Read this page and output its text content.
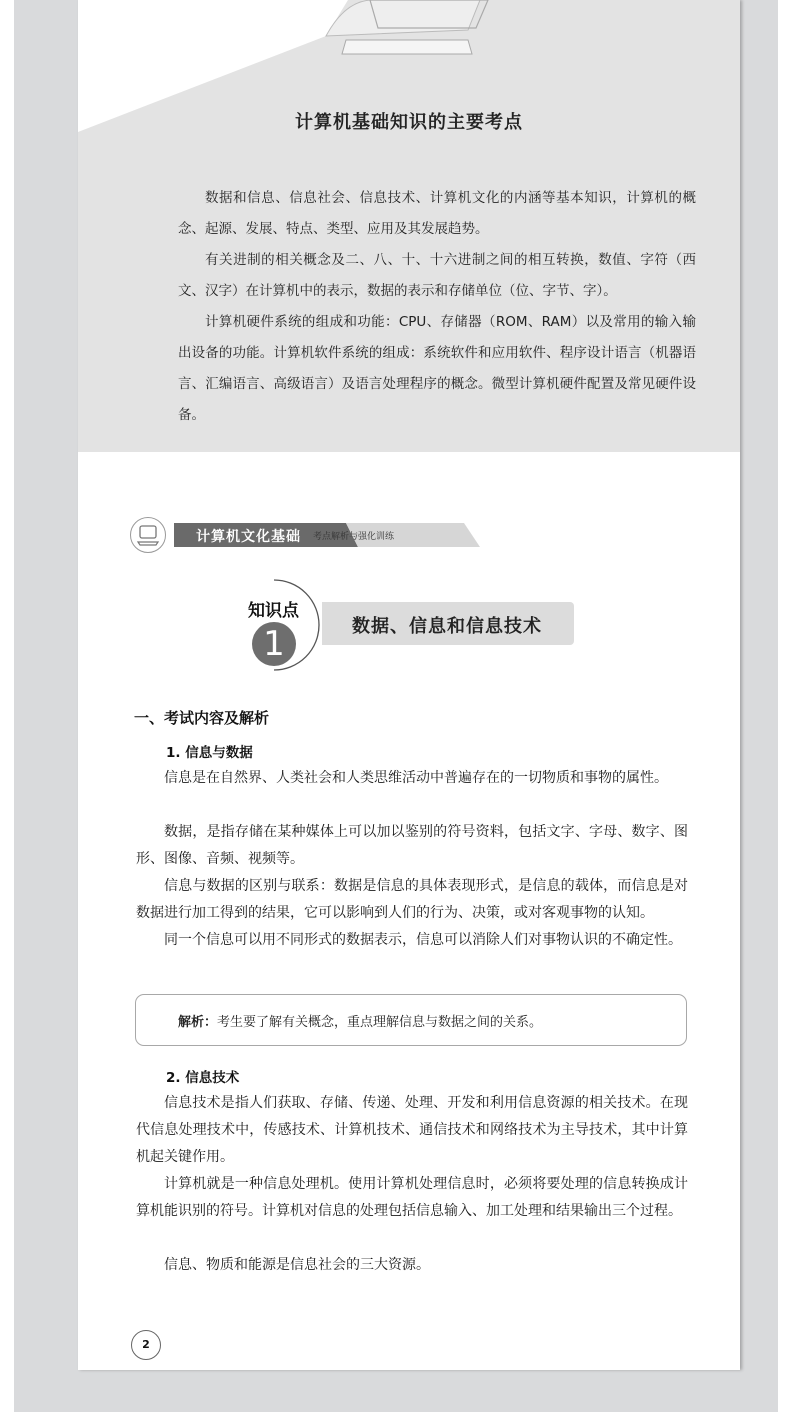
计算机基础知识的主要考点
数据和信息、信息社会、信息技术、计算机文化的内涵等基本知识，计算机的概念、起源、发展、特点、类型、应用及其发展趋势。
有关进制的相关概念及二、八、十、十六进制之间的相互转换，数值、字符（西文、汉字）在计算机中的表示，数据的表示和存储单位（位、字节、字）。
计算机硬件系统的组成和功能：CPU、存储器（ROM、RAM）以及常用的输入输出设备的功能。计算机软件系统的组成：系统软件和应用软件、程序设计语言（机器语言、汇编语言、高级语言）及语言处理程序的概念。微型计算机硬件配置及常见硬件设备。
计算机文化基础 考点解析与强化训练
知识点
1	数据、信息和信息技术
一、考试内容及解析
1. 信息与数据
信息是在自然界、人类社会和人类思维活动中普遍存在的一切物质和事物的属性。
数据，是指存储在某种媒体上可以加以鉴别的符号资料，包括文字、字母、数字、图形、图像、音频、视频等。
信息与数据的区别与联系：数据是信息的具体表现形式，是信息的载体，而信息是对数据进行加工得到的结果，它可以影响到人们的行为、决策，或对客观事物的认知。
同一个信息可以用不同形式的数据表示，信息可以消除人们对事物认识的不确定性。
解析：考生要了解有关概念，重点理解信息与数据之间的关系。
2. 信息技术
信息技术是指人们获取、存储、传递、处理、开发和利用信息资源的相关技术。在现代信息处理技术中，传感技术、计算机技术、通信技术和网络技术为主导技术，其中计算机起关键作用。
计算机就是一种信息处理机。使用计算机处理信息时，必须将要处理的信息转换成计算机能识别的符号。计算机对信息的处理包括信息输入、加工处理和结果输出三个过程。
信息、物质和能源是信息社会的三大资源。
2
